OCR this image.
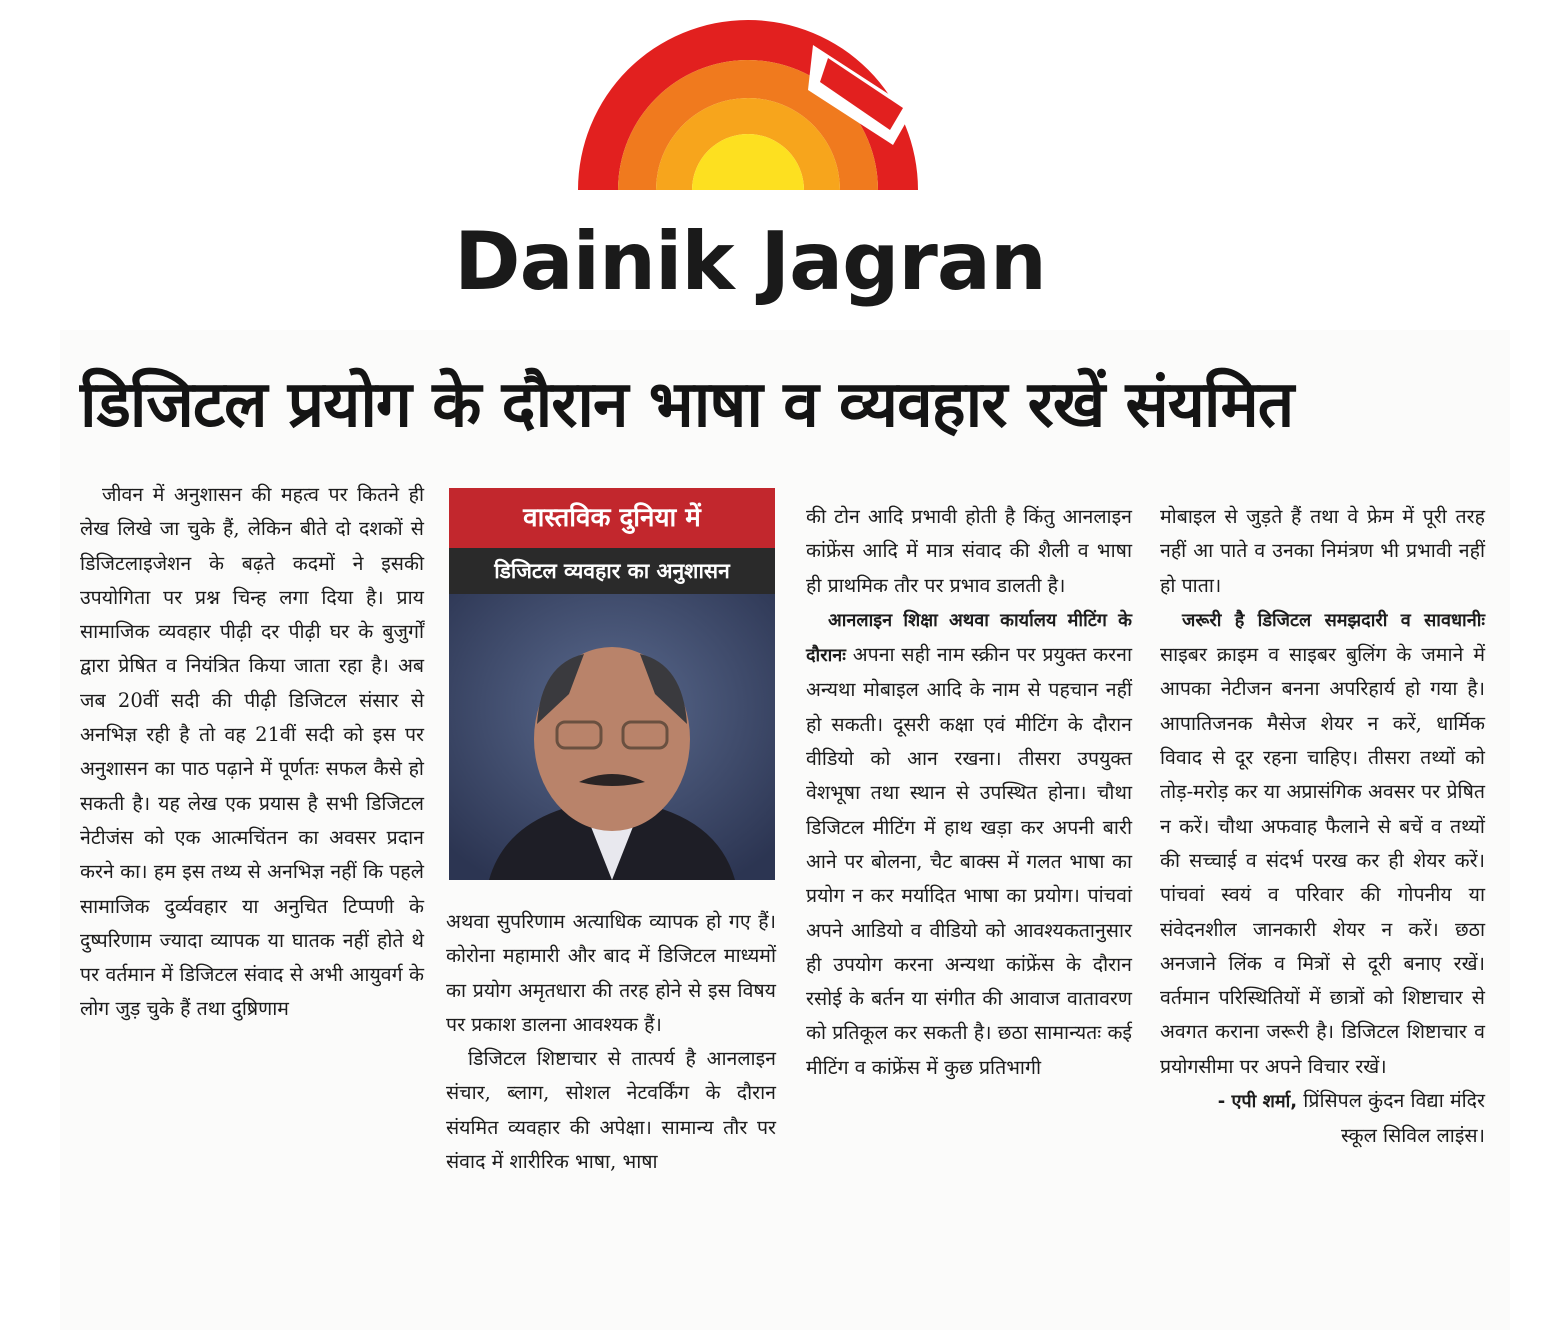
Dainik Jagran
डिजिटल प्रयोग के दौरान भाषा व व्यवहार रखें संयमित

जीवन में अनुशासन की महत्व पर कितने ही लेख लिखे जा चुके हैं, लेकिन बीते दो दशकों से डिजिटलाइजेशन के बढ़ते कदमों ने इसकी उपयोगिता पर प्रश्न चिन्ह लगा दिया है। प्राय सामाजिक व्यवहार पीढ़ी दर पीढ़ी घर के बुजुर्गों द्वारा प्रेषित व नियंत्रित किया जाता रहा है। अब जब 20वीं सदी की पीढ़ी डिजिटल संसार से अनभिज्ञ रही है तो वह 21वीं सदी को इस पर अनुशासन का पाठ पढ़ाने में पूर्णतः सफल कैसे हो सकती है। यह लेख एक प्रयास है सभी डिजिटल नेटीजंस को एक आत्मचिंतन का अवसर प्रदान करने का। हम इस तथ्य से अनभिज्ञ नहीं कि पहले सामाजिक दुर्व्यवहार या अनुचित टिप्पणी के दुष्परिणाम ज्यादा व्यापक या घातक नहीं होते थे पर वर्तमान में डिजिटल संवाद से अभी आयुवर्ग के लोग जुड़ चुके हैं तथा दुष्रिणाम

वास्तविक दुनिया में
डिजिटल व्यवहार का अनुशासन

अथवा सुपरिणाम अत्याधिक व्यापक हो गए हैं। कोरोना महामारी और बाद में डिजिटल माध्यमों का प्रयोग अमृतधारा की तरह होने से इस विषय पर प्रकाश डालना आवश्यक हैं।

डिजिटल शिष्टाचार से तात्पर्य है आनलाइन संचार, ब्लाग, सोशल नेटवर्किंग के दौरान संयमित व्यवहार की अपेक्षा। सामान्य तौर पर संवाद में शारीरिक भाषा, भाषा

की टोन आदि प्रभावी होती है किंतु आनलाइन कांफ्रेंस आदि में मात्र संवाद की शैली व भाषा ही प्राथमिक तौर पर प्रभाव डालती है।

आनलाइन शिक्षा अथवा कार्यालय मीटिंग के दौरानः अपना सही नाम स्क्रीन पर प्रयुक्त करना अन्यथा मोबाइल आदि के नाम से पहचान नहीं हो सकती। दूसरी कक्षा एवं मीटिंग के दौरान वीडियो को आन रखना। तीसरा उपयुक्त वेशभूषा तथा स्थान से उपस्थित होना। चौथा डिजिटल मीटिंग में हाथ खड़ा कर अपनी बारी आने पर बोलना, चैट बाक्स में गलत भाषा का प्रयोग न कर मर्यादित भाषा का प्रयोग। पांचवां अपने आडियो व वीडियो को आवश्यकतानुसार ही उपयोग करना अन्यथा कांफ्रेंस के दौरान रसोई के बर्तन या संगीत की आवाज वातावरण को प्रतिकूल कर सकती है। छठा सामान्यतः कई मीटिंग व कांफ्रेंस में कुछ प्रतिभागी

मोबाइल से जुड़ते हैं तथा वे फ्रेम में पूरी तरह नहीं आ पाते व उनका निमंत्रण भी प्रभावी नहीं हो पाता।

जरूरी है डिजिटल समझदारी व सावधानीः साइबर क्राइम व साइबर बुलिंग के जमाने में आपका नेटीजन बनना अपरिहार्य हो गया है। आपातिजनक मैसेज शेयर न करें, धार्मिक विवाद से दूर रहना चाहिए। तीसरा तथ्यों को तोड़-मरोड़ कर या अप्रासंगिक अवसर पर प्रेषित न करें। चौथा अफवाह फैलाने से बचें व तथ्यों की सच्चाई व संदर्भ परख कर ही शेयर करें। पांचवां स्वयं व परिवार की गोपनीय या संवेदनशील जानकारी शेयर न करें। छठा अनजाने लिंक व मित्रों से दूरी बनाए रखें। वर्तमान परिस्थितियों में छात्रों को शिष्टाचार से अवगत कराना जरूरी है। डिजिटल शिष्टाचार व प्रयोगसीमा पर अपने विचार रखें।

- एपी शर्मा, प्रिंसिपल कुंदन विद्या मंदिर स्कूल सिविल लाइंस।
